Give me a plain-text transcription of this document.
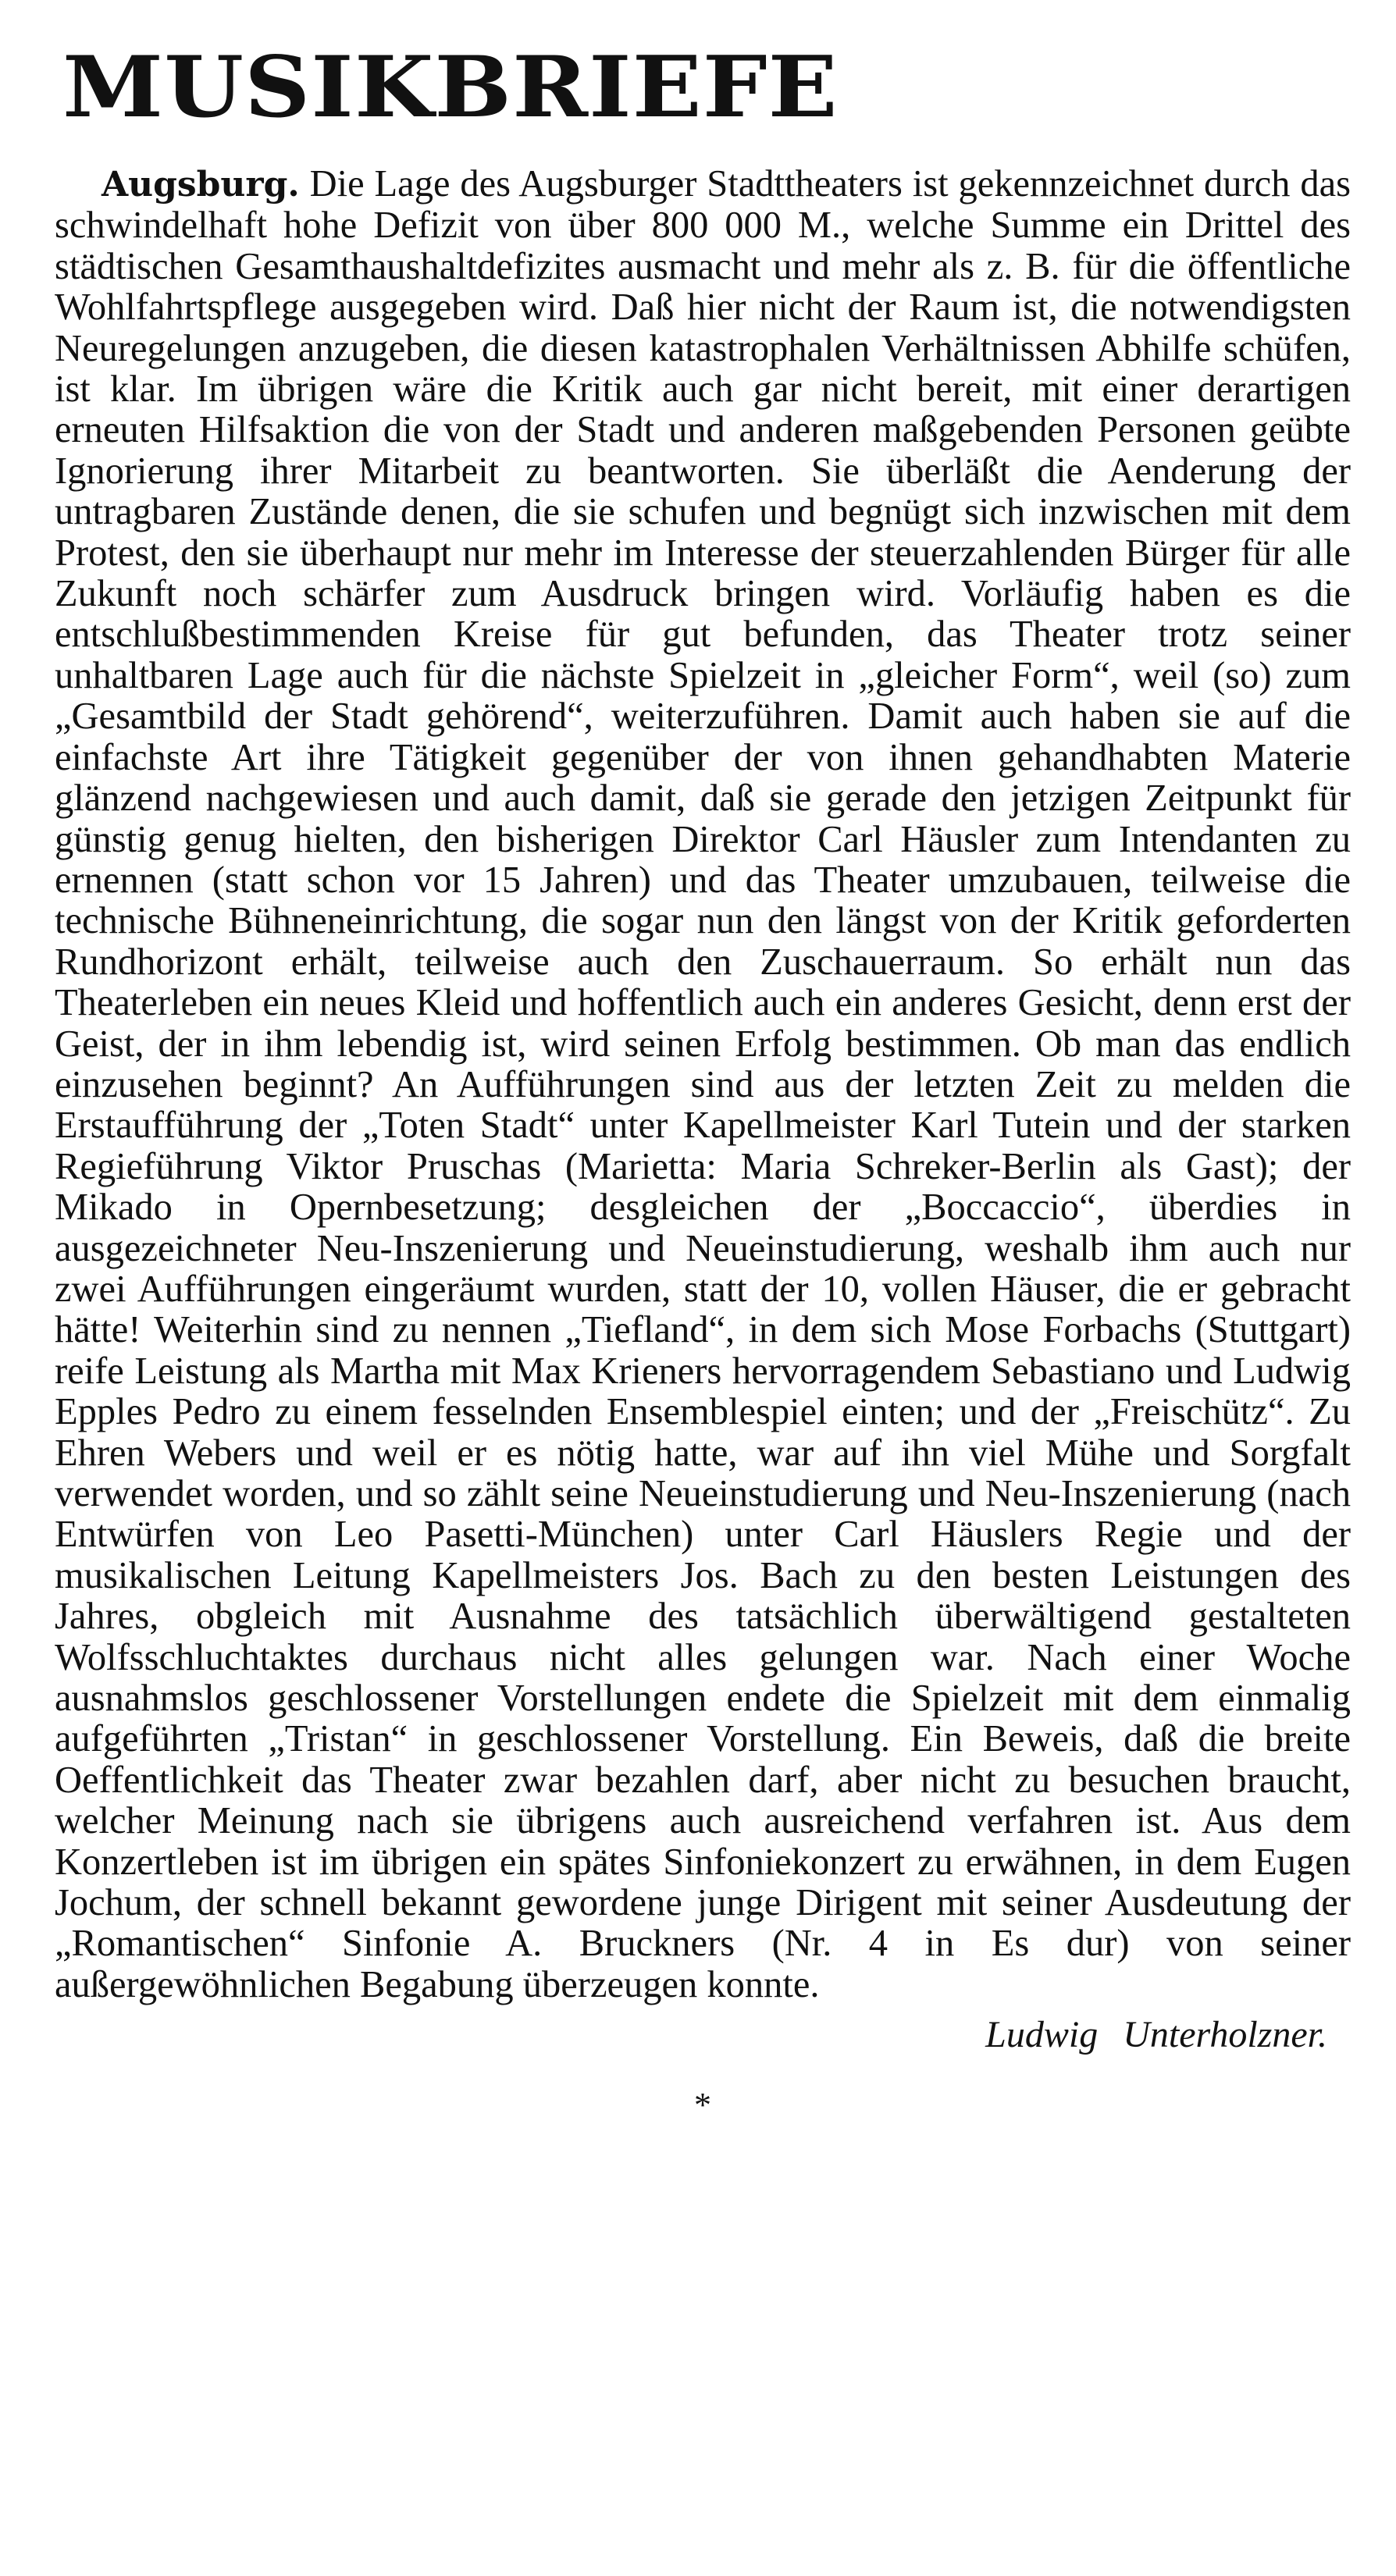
MUSIKBRIEFE

Augsburg. Die Lage des Augsburger Stadttheaters ist gekennzeichnet durch das schwindelhaft hohe Defizit von über 800 000 M., welche Summe ein Drittel des städtischen Gesamthaushaltdefizites ausmacht und mehr als z. B. für die öffentliche Wohlfahrtspflege ausgegeben wird. Daß hier nicht der Raum ist, die notwendigsten Neuregelungen anzugeben, die diesen katastrophalen Verhältnissen Abhilfe schüfen, ist klar. Im übrigen wäre die Kritik auch gar nicht bereit, mit einer derartigen erneuten Hilfsaktion die von der Stadt und anderen maßgebenden Personen geübte Ignorierung ihrer Mitarbeit zu beantworten. Sie überläßt die Aenderung der untragbaren Zustände denen, die sie schufen und begnügt sich inzwischen mit dem Protest, den sie überhaupt nur mehr im Interesse der steuerzahlenden Bürger für alle Zukunft noch schärfer zum Ausdruck bringen wird. Vorläufig haben es die entschlußbestimmenden Kreise für gut befunden, das Theater trotz seiner unhaltbaren Lage auch für die nächste Spielzeit in „gleicher Form“, weil (so) zum „Gesamtbild der Stadt gehörend“, weiterzuführen. Damit auch haben sie auf die einfachste Art ihre Tätigkeit gegenüber der von ihnen gehandhabten Materie glänzend nachgewiesen und auch damit, daß sie gerade den jetzigen Zeitpunkt für günstig genug hielten, den bisherigen Direktor Carl Häusler zum Intendanten zu ernennen (statt schon vor 15 Jahren) und das Theater umzubauen, teilweise die technische Bühneneinrichtung, die sogar nun den längst von der Kritik geforderten Rundhorizont erhält, teilweise auch den Zuschauerraum. So erhält nun das Theaterleben ein neues Kleid und hoffentlich auch ein anderes Gesicht, denn erst der Geist, der in ihm lebendig ist, wird seinen Erfolg bestimmen. Ob man das endlich einzusehen beginnt? An Aufführungen sind aus der letzten Zeit zu melden die Erstaufführung der „Toten Stadt“ unter Kapellmeister Karl Tutein und der starken Regieführung Viktor Pruschas (Marietta: Maria Schreker-Berlin als Gast); der Mikado in Opernbesetzung; desgleichen der „Boccaccio“, überdies in ausgezeichneter Neu-Inszenierung und Neueinstudierung, weshalb ihm auch nur zwei Aufführungen eingeräumt wurden, statt der 10, vollen Häuser, die er gebracht hätte! Weiterhin sind zu nennen „Tiefland“, in dem sich Mose Forbachs (Stuttgart) reife Leistung als Martha mit Max Krieners hervorragendem Sebastiano und Ludwig Epples Pedro zu einem fesselnden Ensemblespiel einten; und der „Freischütz“. Zu Ehren Webers und weil er es nötig hatte, war auf ihn viel Mühe und Sorgfalt verwendet worden, und so zählt seine Neueinstudierung und Neu-Inszenierung (nach Entwürfen von Leo Pasetti-München) unter Carl Häuslers Regie und der musikalischen Leitung Kapellmeisters Jos. Bach zu den besten Leistungen des Jahres, obgleich mit Ausnahme des tatsächlich überwältigend gestalteten Wolfsschluchtaktes durchaus nicht alles gelungen war. Nach einer Woche ausnahmslos geschlossener Vorstellungen endete die Spielzeit mit dem einmalig aufgeführten „Tristan“ in geschlossener Vorstellung. Ein Beweis, daß die breite Oeffentlichkeit das Theater zwar bezahlen darf, aber nicht zu besuchen braucht, welcher Meinung nach sie übrigens auch ausreichend verfahren ist. Aus dem Konzertleben ist im übrigen ein spätes Sinfoniekonzert zu erwähnen, in dem Eugen Jochum, der schnell bekannt gewordene junge Dirigent mit seiner Ausdeutung der „Romantischen“ Sinfonie A. Bruckners (Nr. 4 in Es dur) von seiner außergewöhnlichen Begabung überzeugen konnte.

Ludwig Unterholzner.
*
